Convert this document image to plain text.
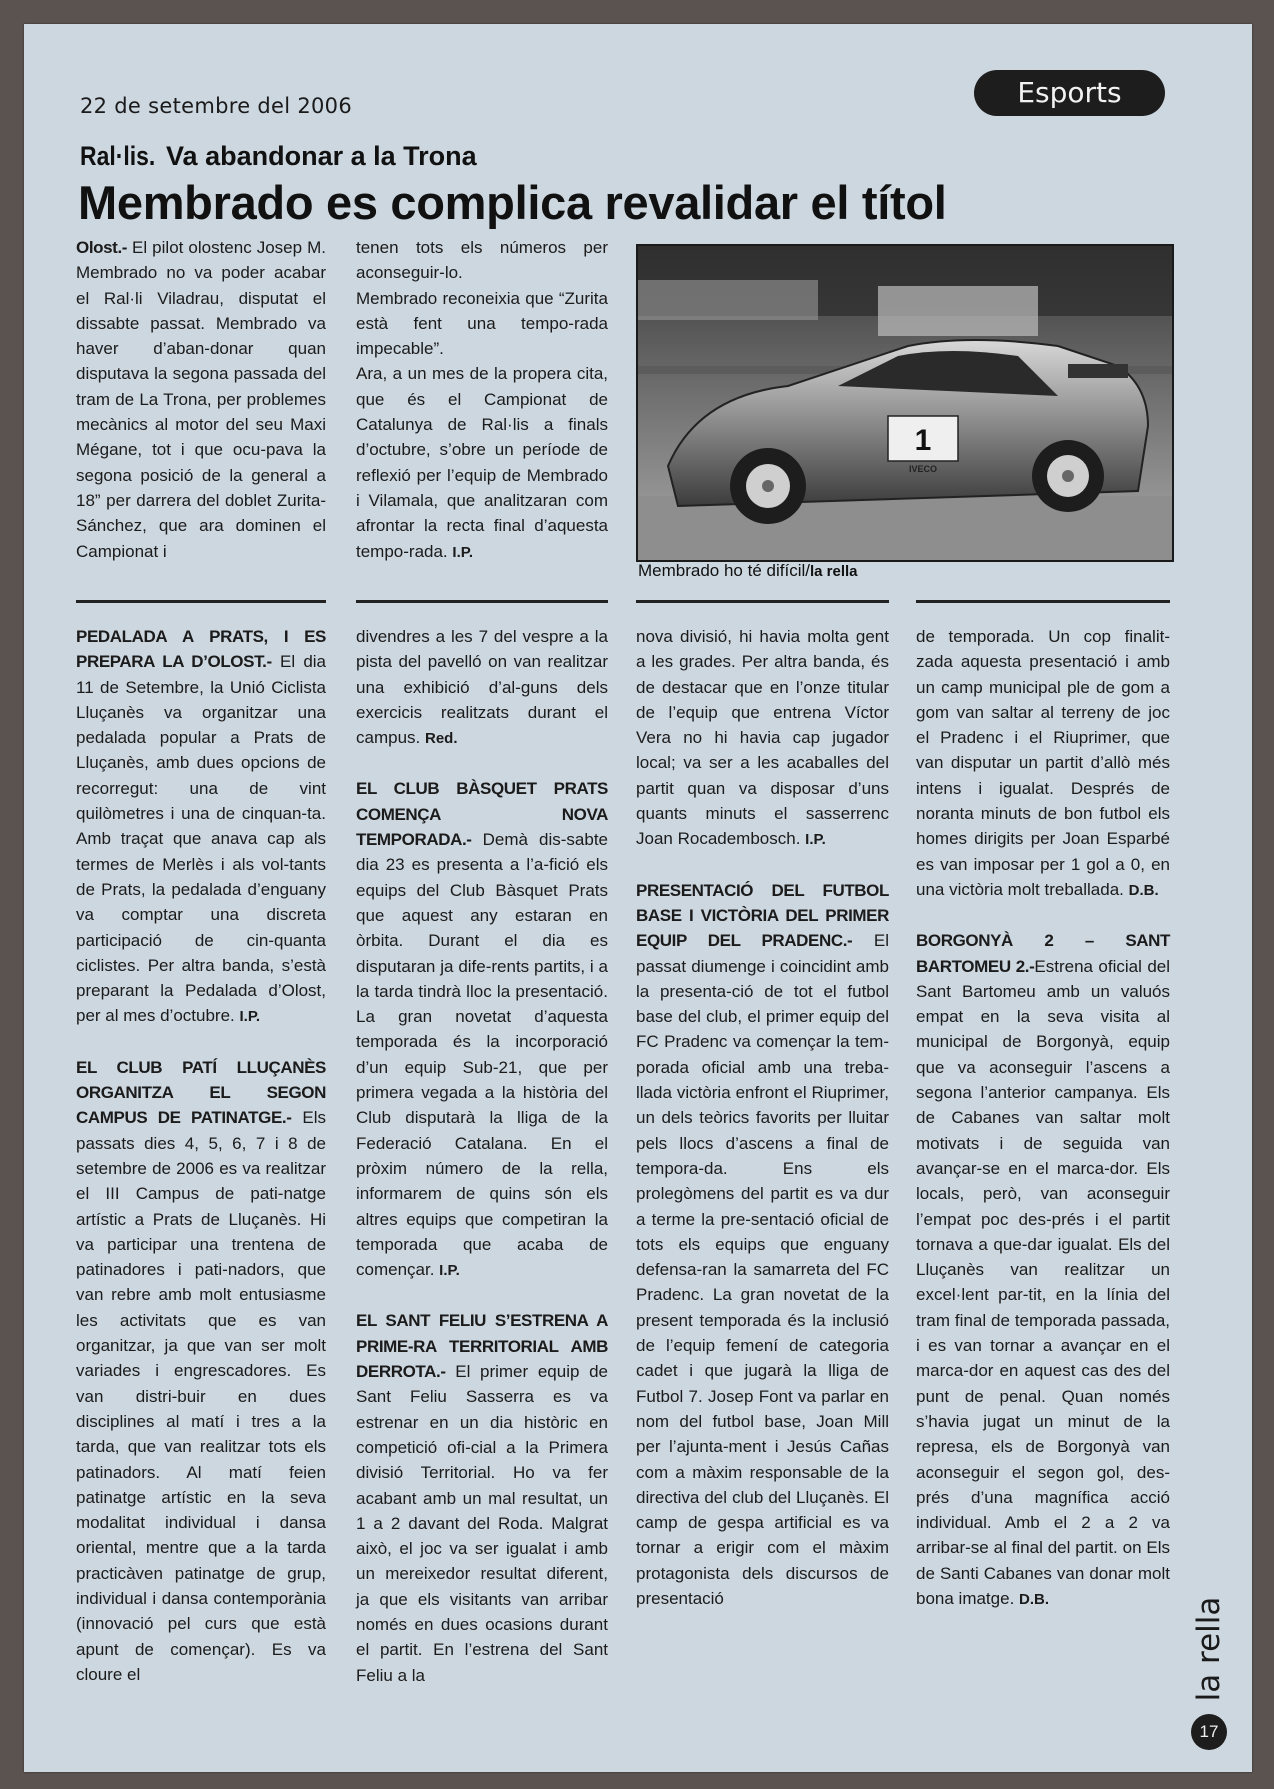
22 de setembre del 2006	Esports
Ral·lis. Va abandonar a la Trona
Membrado es complica revalidar el títol

Olost.- El pilot olostenc Josep M. Membrado no va poder acabar el Ral·li Viladrau, disputat el dissabte passat. Membrado va haver d’aban-donar quan disputava la segona passada del tram de La Trona, per problemes mecànics al motor del seu Maxi Mégane, tot i que ocu-pava la segona posició de la general a 18” per darrera del doblet Zurita-Sánchez, que ara dominen el Campionat i

tenen tots els números per aconseguir-lo.

Membrado reconeixia que “Zurita està fent una tempo-rada impecable”.

Ara, a un mes de la propera cita, que és el Campionat de Catalunya de Ral·lis a finals d’octubre, s’obre un període de reflexió per l’equip de Membrado i Vilamala, que analitzaran com afrontar la recta final d’aquesta tempo-rada. I.P.

1
IVECO
Membrado ho té difícil/la rella

PEDALADA A PRATS, I ES PREPARA LA D’OLOST.- El dia 11 de Setembre, la Unió Ciclista Lluçanès va organitzar una pedalada popular a Prats de Lluçanès, amb dues opcions de recorregut: una de vint quilòmetres i una de cinquan-ta. Amb traçat que anava cap als termes de Merlès i als vol-tants de Prats, la pedalada d’enguany va comptar una discreta participació de cin-quanta ciclistes. Per altra banda, s’està preparant la Pedalada d’Olost, per al mes d’octubre. I.P.

EL CLUB PATÍ LLUÇANÈS ORGANITZA EL SEGON CAMPUS DE PATINATGE.- Els passats dies 4, 5, 6, 7 i 8 de setembre de 2006 es va realitzar el III Campus de pati-natge artístic a Prats de Lluçanès. Hi va participar una trentena de patinadores i pati-nadors, que van rebre amb molt entusiasme les activitats que es van organitzar, ja que van ser molt variades i engrescadores. Es van distri-buir en dues disciplines al matí i tres a la tarda, que van realitzar tots els patinadors. Al matí feien patinatge artístic en la seva modalitat individual i dansa oriental, mentre que a la tarda practicàven patinatge de grup, individual i dansa contemporània (innovació pel curs que està apunt de començar). Es va cloure el

divendres a les 7 del vespre a la pista del pavelló on van realitzar una exhibició d’al-guns dels exercicis realitzats durant el campus. Red.

EL CLUB BÀSQUET PRATS COMENÇA NOVA TEMPORADA.- Demà dis-sabte dia 23 es presenta a l’a-fició els equips del Club Bàsquet Prats que aquest any estaran en òrbita. Durant el dia es disputaran ja dife-rents partits, i a la tarda tindrà lloc la presentació. La gran novetat d’aquesta temporada és la incorporació d’un equip Sub-21, que per primera vegada a la història del Club disputarà la lliga de la Federació Catalana. En el pròxim número de la rella, informarem de quins són els altres equips que competiran la temporada que acaba de començar. I.P.

EL SANT FELIU S’ESTRENA A PRIME-RA TERRITORIAL AMB DERROTA.- El primer equip de Sant Feliu Sasserra es va estrenar en un dia històric en competició ofi-cial a la Primera divisió Territorial. Ho va fer acabant amb un mal resultat, un 1 a 2 davant del Roda. Malgrat això, el joc va ser igualat i amb un mereixedor resultat diferent, ja que els visitants van arribar només en dues ocasions durant el partit. En l’estrena del Sant Feliu a la

nova divisió, hi havia molta gent a les grades. Per altra banda, és de destacar que en l’onze titular de l’equip que entrena Víctor Vera no hi havia cap jugador local; va ser a les acaballes del partit quan va disposar d’uns quants minuts el sasserrenc Joan Rocadembosch. I.P.

PRESENTACIÓ DEL FUTBOL BASE I VICTÒRIA DEL PRIMER EQUIP DEL PRADENC.- El passat diumenge i coincidint amb la presenta-ció de tot el futbol base del club, el primer equip del FC Pradenc va començar la tem-porada oficial amb una treba-llada victòria enfront el Riuprimer, un dels teòrics favorits per lluitar pels llocs d’ascens a final de tempora-da. Ens els prolegòmens del partit es va dur a terme la pre-sentació oficial de tots els equips que enguany defensa-ran la samarreta del FC Pradenc. La gran novetat de la present temporada és la inclusió de l’equip femení de categoria cadet i que jugarà la lliga de Futbol 7. Josep Font va parlar en nom del futbol base, Joan Mill per l’ajunta-ment i Jesús Cañas com a màxim responsable de la directiva del club del Lluçanès. El camp de gespa artificial es va tornar a erigir com el màxim protagonista dels discursos de presentació

de temporada. Un cop finalit-zada aquesta presentació i amb un camp municipal ple de gom a gom van saltar al terreny de joc el Pradenc i el Riuprimer, que van disputar un partit d’allò més intens i igualat. Després de noranta minuts de bon futbol els homes dirigits per Joan Esparbé es van imposar per 1 gol a 0, en una victòria molt treballada. D.B.

BORGONYÀ 2 – SANT BARTOMEU 2.-Estrena oficial del Sant Bartomeu amb un valuós empat en la seva visita al municipal de Borgonyà, equip que va aconseguir l’ascens a segona l’anterior campanya. Els de Cabanes van saltar molt motivats i de seguida van avançar-se en el marca-dor. Els locals, però, van aconseguir l’empat poc des-prés i el partit tornava a que-dar igualat. Els del Lluçanès van realitzar un excel·lent par-tit, en la línia del tram final de temporada passada, i es van tornar a avançar en el marca-dor en aquest cas des del punt de penal. Quan només s’havia jugat un minut de la represa, els de Borgonyà van aconseguir el segon gol, des-prés d’una magnífica acció individual. Amb el 2 a 2 va arribar-se al final del partit. on Els de Santi Cabanes van donar molt bona imatge. D.B.	la rella
17
